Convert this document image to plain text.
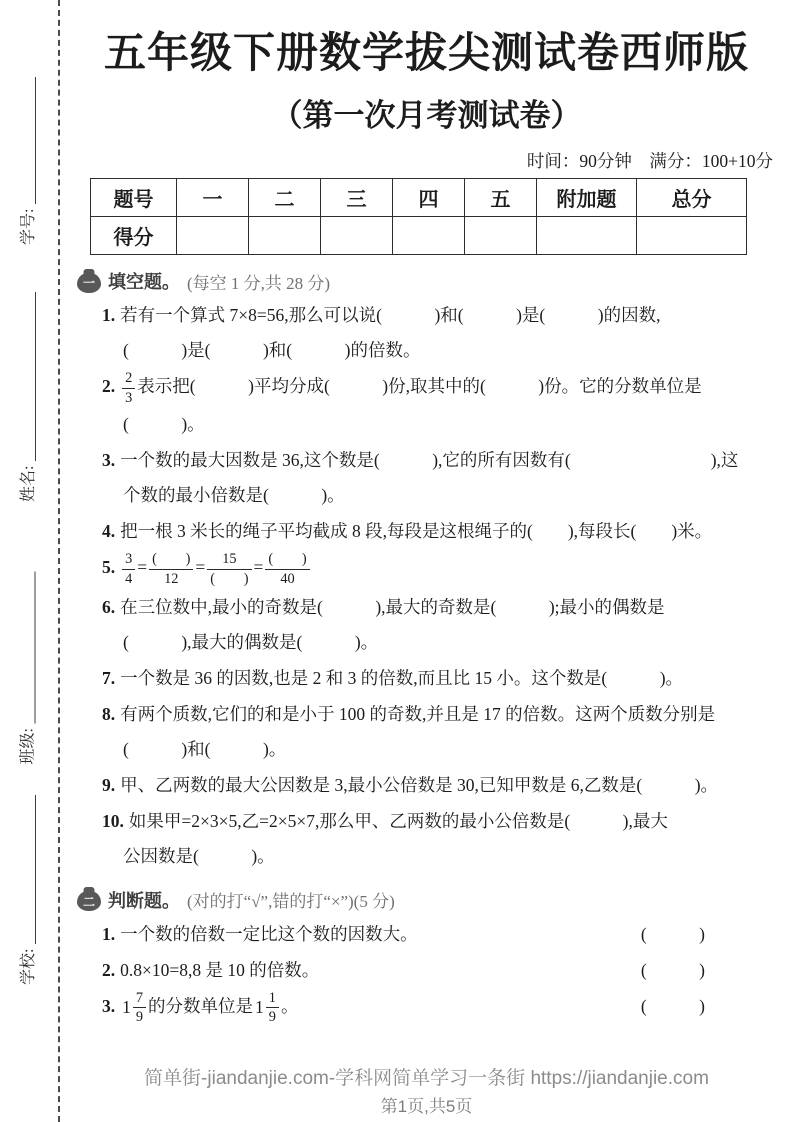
学号:
姓名:
班级:
学校:
五年级下册数学拔尖测试卷西师版
（第一次月考测试卷）
时间：90分钟　满分：100+10分
题号	一	二	三	四	五	附加题	总分
得分							
一 填空题。 (每空 1 分,共 28 分)
1. 若有一个算式 7×8=56,那么可以说(　　　)和(　　　)是(　　　)的因数,
(　　　)是(　　　)和(　　　)的倍数。
2. $\frac{2}{3}$ 表示把(　　　)平均分成(　　　)份,取其中的(　　　)份。它的分数单位是
(　　　)。
3. 一个数的最大因数是 36,这个数是(　　　),它的所有因数有(　　　　　　　　),这
个数的最小倍数是(　　　)。
4. 把一根 3 米长的绳子平均截成 8 段,每段是这根绳子的(　　),每段长(　　)米。
5. $\frac{3}{4} = \frac{( )}{12} = \frac{15}{( )} = \frac{( )}{40}$
6. 在三位数中,最小的奇数是(　　　),最大的奇数是(　　　);最小的偶数是
(　　　),最大的偶数是(　　　)。
7. 一个数是 36 的因数,也是 2 和 3 的倍数,而且比 15 小。这个数是(　　　)。
8. 有两个质数,它们的和是小于 100 的奇数,并且是 17 的倍数。这两个质数分别是
(　　　)和(　　　)。
9. 甲、乙两数的最大公因数是 3,最小公倍数是 30,已知甲数是 6,乙数是(　　　)。
10. 如果甲=2×3×5,乙=2×5×7,那么甲、乙两数的最小公倍数是(　　　),最大
公因数是(　　　)。
二 判断题。 (对的打“√”,错的打“×”)(5 分)
(　　　)
1. 一个数的倍数一定比这个数的因数大。
(　　　)
2. 0.8×10=8,8 是 10 的倍数。
(　　　)
3. $1 \frac{7}{9}$ 的分数单位是 $1 \frac{1}{9}$ 。
简单街-jiandanjie.com-学科网简单学习一条街 https://jiandanjie.com
第1页,共5页
